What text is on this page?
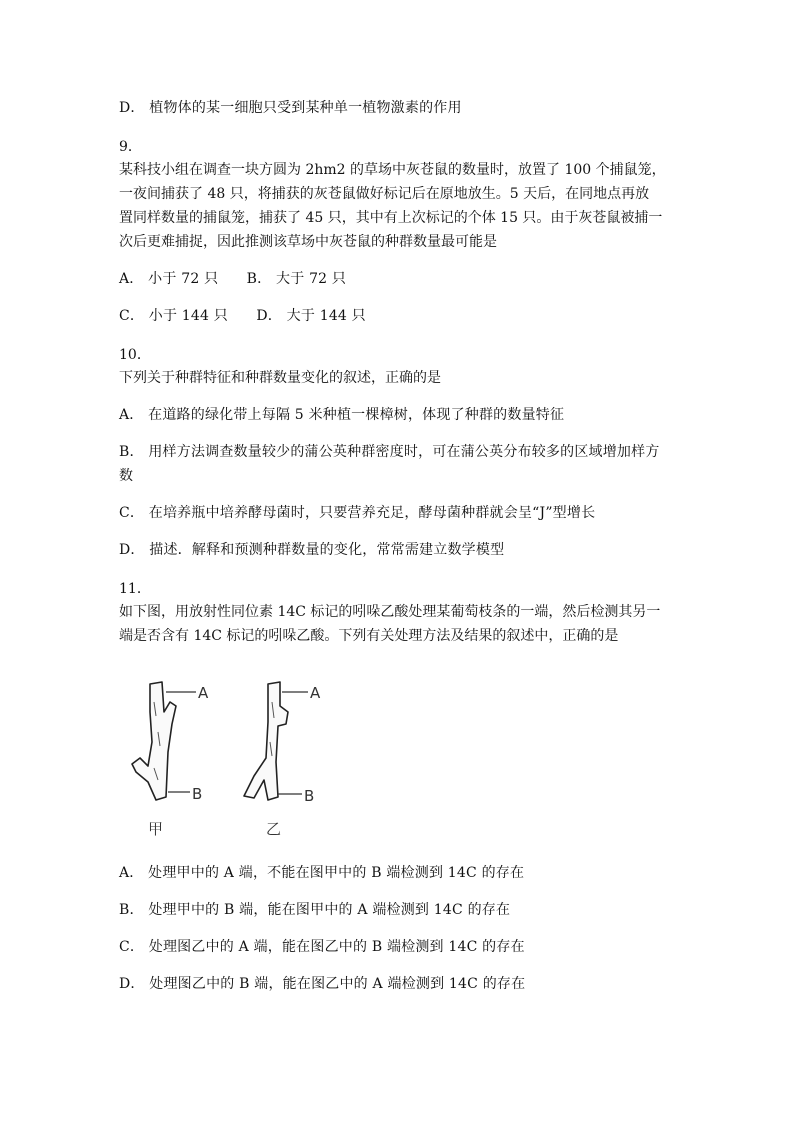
D． 植物体的某一细胞只受到某种单一植物激素的作用
9．
某科技小组在调查一块方圆为 2hm2 的草场中灰苍鼠的数量时，放置了 100 个捕鼠笼，
一夜间捕获了 48 只，将捕获的灰苍鼠做好标记后在原地放生。5 天后，在同地点再放
置同样数量的捕鼠笼，捕获了 45 只，其中有上次标记的个体 15 只。由于灰苍鼠被捕一
次后更难捕捉，因此推测该草场中灰苍鼠的种群数量最可能是
A． 小于 72 只　　B． 大于 72 只
C． 小于 144 只　　D． 大于 144 只
10．
下列关于种群特征和种群数量变化的叙述，正确的是
A． 在道路的绿化带上每隔 5 米种植一棵樟树，体现了种群的数量特征
B． 用样方法调查数量较少的蒲公英种群密度时，可在蒲公英分布较多的区域增加样方
数
C． 在培养瓶中培养酵母菌时，只要营养充足，酵母菌种群就会呈“J”型增长
D． 描述．解释和预测种群数量的变化，常常需建立数学模型
11．
如下图，用放射性同位素 14C 标记的吲哚乙酸处理某葡萄枝条的一端，然后检测其另一
端是否含有 14C 标记的吲哚乙酸。下列有关处理方法及结果的叙述中，正确的是
A
B
甲
A
B
乙
A． 处理甲中的 A 端，不能在图甲中的 B 端检测到 14C 的存在
B． 处理甲中的 B 端，能在图甲中的 A 端检测到 14C 的存在
C． 处理图乙中的 A 端，能在图乙中的 B 端检测到 14C 的存在
D． 处理图乙中的 B 端，能在图乙中的 A 端检测到 14C 的存在
